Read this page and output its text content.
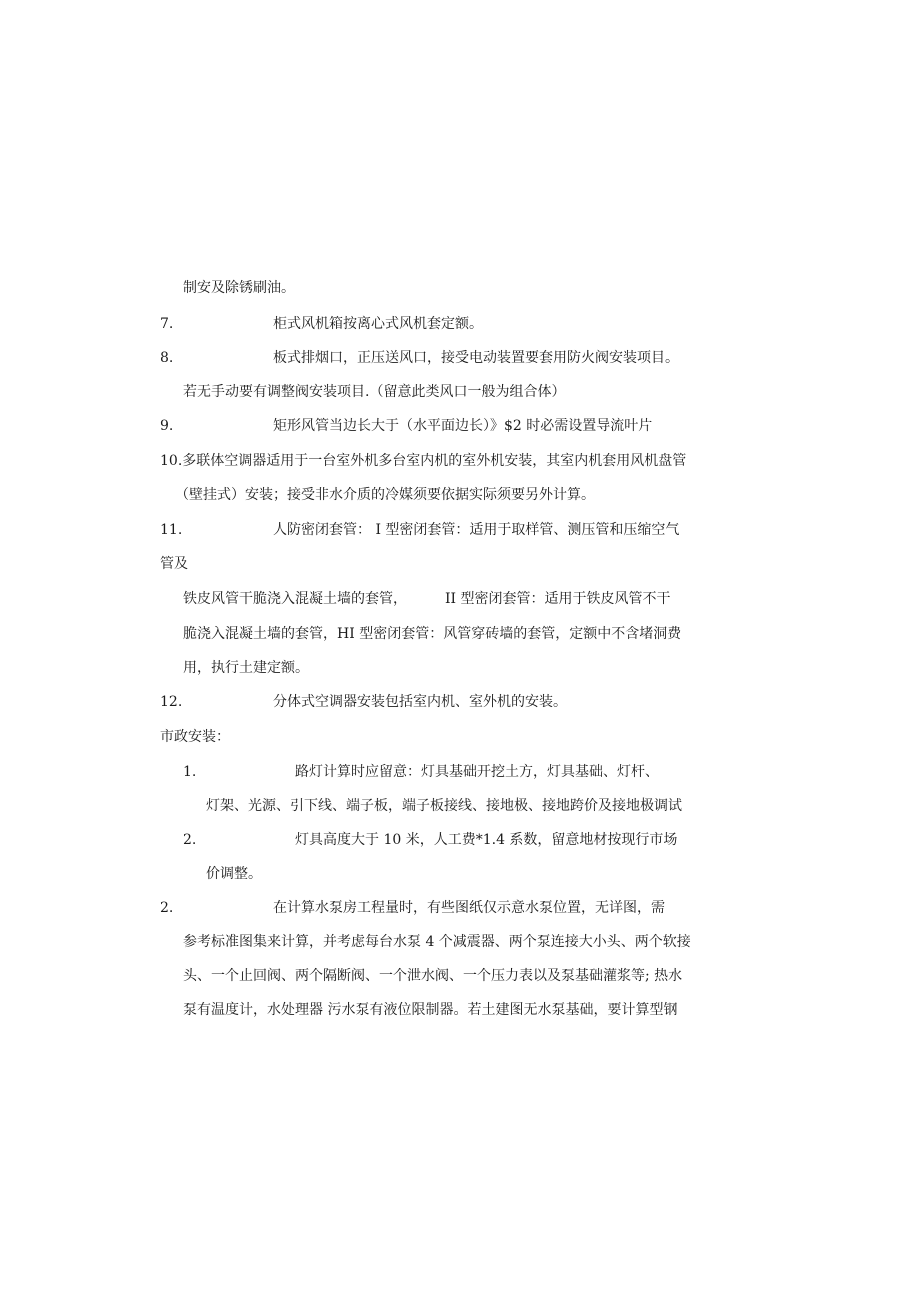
制安及除锈刷油。
7.	柜式风机箱按离心式风机套定额。
8.	板式排烟口，正压送风口，接受电动装置要套用防火阀安装项目。
若无手动要有调整阀安装项目.（留意此类风口一般为组合体）
9.	矩形风管当边长大于（水平面边长）》$2 时必需设置导流叶片
10.多联体空调器适用于一台室外机多台室内机的室外机安装，其室内机套用风机盘管
（壁挂式）安装；接受非水介质的冷媒须要依据实际须要另外计算。
11.	人防密闭套管： I 型密闭套管：适用于取样管、测压管和压缩空气
管及
铁皮风管干脆浇入混凝土墙的套管，	II 型密闭套管：适用于铁皮风管不干
脆浇入混凝土墙的套管，HI 型密闭套管：风管穿砖墙的套管，定额中不含堵洞费
用，执行土建定额。
12.	分体式空调器安装包括室内机、室外机的安装。
市政安装：
1.	路灯计算时应留意：灯具基础开挖土方，灯具基础、灯杆、
灯架、光源、引下线、端子板，端子板接线、接地极、接地跨价及接地极调试
2.	灯具高度大于 10 米，人工费*1.4 系数，留意地材按现行市场
价调整。
2.	在计算水泵房工程量时，有些图纸仅示意水泵位置，无详图，需
参考标准图集来计算，并考虑每台水泵 4 个减震器、两个泵连接大小头、两个软接
头、一个止回阀、两个隔断阀、一个泄水阀、一个压力表以及泵基础灌浆等; 热水
泵有温度计，水处理器 污水泵有液位限制器。若土建图无水泵基础，要计算型钢
